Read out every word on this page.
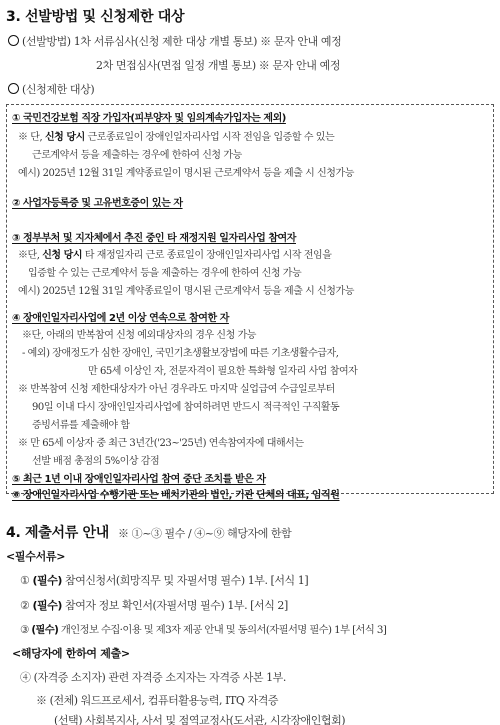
3. 선발방법 및 신청제한 대상
(선발방법) 1차 서류심사(신청 제한 대상 개별 통보) ※ 문자 안내 예정
2차 면접심사(면접 일정 개별 통보) ※ 문자 안내 예정
(신청제한 대상)
① 국민건강보험 직장 가입자(피부양자 및 임의계속가입자는 제외)
※ 단, 신청 당시 근로종료일이 장애인일자리사업 시작 전임을 입증할 수 있는
근로계약서 등을 제출하는 경우에 한하여 신청 가능
예시) 2025년 12월 31일 계약종료일이 명시된 근로계약서 등을 제출 시 신청가능
② 사업자등록증 및 고유번호증이 있는 자
③ 정부부처 및 지자체에서 추진 중인 타 재정지원 일자리사업 참여자
※단, 신청 당시 타 재정일자리 근로 종료일이 장애인일자리사업 시작 전임을
입증할 수 있는 근로계약서 등을 제출하는 경우에 한하여 신청 가능
예시) 2025년 12월 31일 계약종료일이 명시된 근로계약서 등을 제출 시 신청가능
④ 장애인일자리사업에 2년 이상 연속으로 참여한 자
※단, 아래의 반복참여 신청 예외대상자의 경우 신청 가능
- 예외) 장애정도가 심한 장애인, 국민기초생활보장법에 따른 기초생활수급자,
만 65세 이상인 자, 전문자격이 필요한 특화형 일자리 사업 참여자
※ 반복참여 신청 제한대상자가 아닌 경우라도 마지막 실업급여 수급일로부터
90일 이내 다시 장애인일자리사업에 참여하려면 반드시 적극적인 구직활동
증빙서류를 제출해야 함
※ 만 65세 이상자 중 최근 3년간('23~'25년) 연속참여자에 대해서는
선발 배점 총점의 5%이상 감점
⑤ 최근 1년 이내 장애인일자리사업 참여 중단 조치를 받은 자
⑥ 장애인일자리사업 수행기관 또는 배치기관의 법인, 기관 단체의 대표, 임직원
4. 제출서류 안내 ※ ①~③ 필수 / ④~⑨ 해당자에 한함
<필수서류>
① (필수) 참여신청서(희망직무 및 자필서명 필수) 1부. [서식 1]
② (필수) 참여자 정보 확인서(자필서명 필수) 1부. [서식 2]
③ (필수) 개인정보 수집·이용 및 제3자 제공 안내 및 동의서(자필서명 필수) 1부 [서식 3]
<해당자에 한하여 제출>
④ (자격증 소지자) 관련 자격증 소지자는 자격증 사본 1부.
※ (전체) 워드프로세서, 컴퓨터활용능력, ITQ 자격증
(선택) 사회복지사, 사서 및 점역교정사(도서관, 시각장애인협회)
